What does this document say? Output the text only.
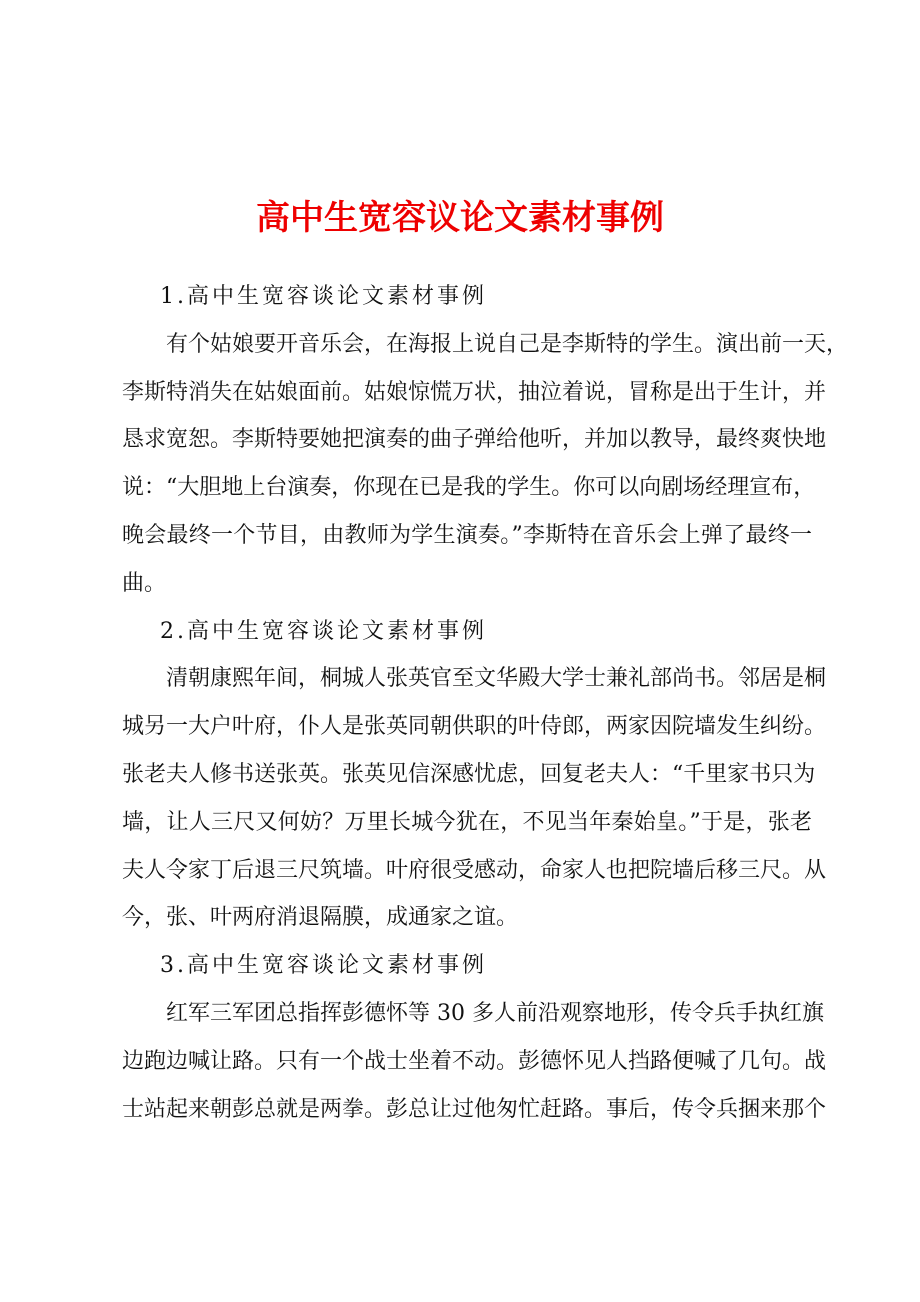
高中生宽容议论文素材事例
1.高中生宽容谈论文素材事例
有个姑娘要开音乐会，在海报上说自己是李斯特的学生。演出前一天，
李斯特消失在姑娘面前。姑娘惊慌万状，抽泣着说，冒称是出于生计，并
恳求宽恕。李斯特要她把演奏的曲子弹给他听，并加以教导，最终爽快地
说：“大胆地上台演奏，你现在已是我的学生。你可以向剧场经理宣布，
晚会最终一个节目，由教师为学生演奏。”李斯特在音乐会上弹了最终一
曲。
2.高中生宽容谈论文素材事例
清朝康熙年间，桐城人张英官至文华殿大学士兼礼部尚书。邻居是桐
城另一大户叶府，仆人是张英同朝供职的叶侍郎，两家因院墙发生纠纷。
张老夫人修书送张英。张英见信深感忧虑，回复老夫人：“千里家书只为
墙，让人三尺又何妨？万里长城今犹在，不见当年秦始皇。”于是，张老
夫人令家丁后退三尺筑墙。叶府很受感动，命家人也把院墙后移三尺。从
今，张、叶两府消退隔膜，成通家之谊。
3.高中生宽容谈论文素材事例
红军三军团总指挥彭德怀等 30 多人前沿观察地形，传令兵手执红旗
边跑边喊让路。只有一个战士坐着不动。彭德怀见人挡路便喊了几句。战
士站起来朝彭总就是两拳。彭总让过他匆忙赶路。事后，传令兵捆来那个
